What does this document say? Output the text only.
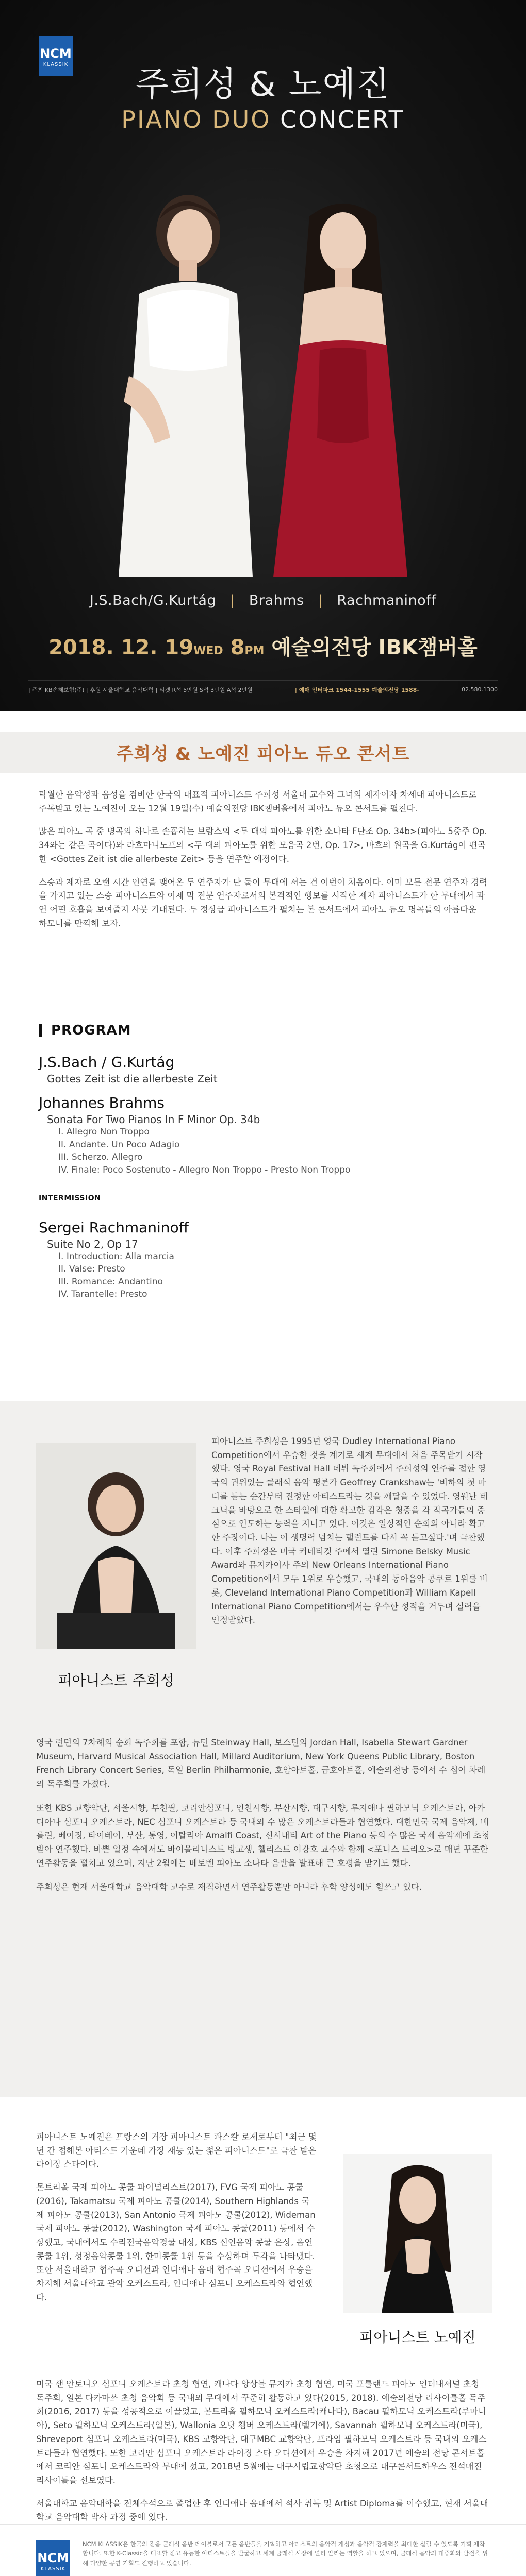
NCM
KLASSIK	주희성 & 노예진
PIANO DUO CONCERT
J.S.Bach/G.Kurtág | Brahms | Rachmaninoff
2018. 12. 19WED 8PM 예술의전당 IBK챔버홀
| 주최 KB손해보험(주) | 후원 서울대학교 음악대학 | 티켓 R석 5만원 S석 3만원 A석 2만원	| 예매 인터파크 1544-1555 예술의전당 1588-	02.580.1300
주희성 & 노예진 피아노 듀오 콘서트

탁월한 음악성과 음성을 겸비한 한국의 대표적 피아니스트 주희성 서울대 교수와 그녀의 제자이자 차세대 피아니스트로 주목받고 있는 노예진이 오는 12월 19일(수) 예술의전당 IBK챔버홀에서 피아노 듀오 콘서트를 펼친다.

많은 피아노 곡 중 명곡의 하나로 손꼽히는 브람스의 <두 대의 피아노를 위한 소나타 F단조 Op. 34b>(피아노 5중주 Op. 34와는 같은 곡이다)와 라흐마니노프의 <두 대의 피아노를 위한 모음곡 2번, Op. 17>, 바흐의 원곡을 G.Kurtág이 편곡한 <Gottes Zeit ist die allerbeste Zeit> 등을 연주할 예정이다.

스승과 제자로 오랜 시간 인연을 맺어온 두 연주자가 단 둘이 무대에 서는 건 이번이 처음이다. 이미 모든 전문 연주자 경력을 가지고 있는 스승 피아니스트와 이제 막 전문 연주자로서의 본격적인 행보를 시작한 제자 피아니스트가 한 무대에서 과연 어떤 호흡을 보여줄지 사뭇 기대된다. 두 정상급 피아니스트가 펼치는 본 콘서트에서 피아노 듀오 명곡들의 아름다운 하모니를 만끽해 보자.

PROGRAM
J.S.Bach / G.Kurtág
Gottes Zeit ist die allerbeste Zeit
Johannes Brahms
Sonata For Two Pianos In F Minor Op. 34b
I. Allegro Non Troppo
II. Andante. Un Poco Adagio
III. Scherzo. Allegro
IV. Finale: Poco Sostenuto - Allegro Non Troppo - Presto Non Troppo
INTERMISSION
Sergei Rachmaninoff
Suite No 2, Op 17
I. Introduction: Alla marcia
II. Valse: Presto
III. Romance: Andantino
IV. Tarantelle: Presto
피아니스트 주희성
피아니스트 주희성은 1995년 영국 Dudley International Piano Competition에서 우승한 것을 계기로 세계 무대에서 처음 주목받기 시작했다. 영국 Royal Festival Hall 데뷔 독주회에서 주희성의 연주를 접한 영국의 권위있는 클래식 음악 평론가 Geoffrey Crankshaw는 '비하의 첫 마디를 듣는 순간부터 진정한 아티스트라는 것을 깨달을 수 있었다. 영원난 테크닉을 바탕으로 한 스타일에 대한 확고한 감각은 청중을 각 작곡가들의 중심으로 인도하는 능력을 지니고 있다. 이것은 일상적인 순회의 아니라 확고한 주장이다. 나는 이 생명력 넘치는 탤런트를 다시 꼭 듣고싶다.'며 극찬했다. 이후 주희성은 미국 커네티컷 주에서 열린 Simone Belsky Music Award와 뮤지카이사 주의 New Orleans International Piano Competition에서 모두 1위로 우승했고, 국내의 동아음악 콩쿠르 1위를 비롯, Cleveland International Piano Competition과 William Kapell International Piano Competition에서는 우수한 성적을 거두며 실력을 인정받았다.

영국 런던의 7차례의 순회 독주회를 포함, 뉴턴 Steinway Hall, 보스턴의 Jordan Hall, Isabella Stewart Gardner Museum, Harvard Musical Association Hall, Millard Auditorium, New York Queens Public Library, Boston French Library Concert Series, 독일 Berlin Philharmonie, 호암아트홀, 금호아트홀, 예술의전당 등에서 수 십여 차례의 독주회를 가졌다.

또한 KBS 교향악단, 서울시향, 부천필, 코리안심포니, 인천시향, 부산시향, 대구시향, 루지애나 필하모닉 오케스트라, 아카디아나 심포니 오케스트라, NEC 심포니 오케스트라 등 국내외 수 많은 오케스트라들과 협연했다. 대한민국 국제 음악제, 베를린, 베이징, 타이베이, 부산, 통영, 이탈리아 Amalfi Coast, 신시내티 Art of the Piano 등의 수 많은 국제 음악제에 초청받아 연주했다. 바쁜 일정 속에서도 바이올리니스트 방고생, 첼리스트 이강호 교수와 함께 <포니스 트리오>로 매년 꾸준한 연주활동을 펼치고 있으며, 지난 2월에는 베토벤 피아노 소나타 음반을 발표해 큰 호평을 받기도 했다.

주희성은 현재 서울대학교 음악대학 교수로 재직하면서 연주활동뿐만 아니라 후학 양성에도 힘쓰고 있다.

피아니스트 노예진은 프랑스의 거장 피아니스트 파스칼 로제로부터 "최근 몇 년 간 접해본 아티스트 가운데 가장 재능 있는 젊은 피아니스트"로 극찬 받은 라이징 스타이다.

몬트리올 국제 피아노 콩쿨 파이널리스트(2017), FVG 국제 피아노 콩쿨(2016), Takamatsu 국제 피아노 콩쿨(2014), Southern Highlands 국제 피아노 콩쿨(2013), San Antonio 국제 피아노 콩쿨(2012), Wideman 국제 피아노 콩쿨(2012), Washington 국제 피아노 콩쿨(2011) 등에서 수상했고, 국내에서도 수리전국음악경쿨 대상, KBS 신인음악 콩쿨 은상, 음연콩쿨 1위, 성정음악콩쿨 1위, 한미콩쿨 1위 등을 수상하며 두각을 나타냈다. 또한 서울대학교 협주곡 오디션과 인디애나 음대 협주곡 오디션에서 우승을 차지해 서울대학교 관악 오케스트라, 인디애나 심포니 오케스트라와 협연했다.

피아니스트 노예진

미국 샌 안토니오 심포니 오케스트라 초청 협연, 캐나다 앙상블 뮤지카 초청 협연, 미국 포틀랜드 피아노 인터내셔널 초청 독주회, 일본 다카마쓰 초청 음악회 등 국내외 무대에서 꾸준히 활동하고 있다(2015, 2018). 예술의전당 리사이틀홀 독주회(2016, 2017) 등을 성공적으로 이끌었고, 몬트리올 필하모닉 오케스트라(캐나다), Bacau 필하모닉 오케스트라(루마니아), Seto 필하모닉 오케스트라(일본), Wallonia 오닷 챔버 오케스트라(벨기에), Savannah 필하모닉 오케스트라(미국), Shreveport 심포니 오케스트라(미국), KBS 교향악단, 대구MBC 교향악단, 프라임 필하모닉 오케스트라 등 국내외 오케스트라들과 협연했다. 또한 코리안 심포니 오케스트라 라이징 스타 오디션에서 우승을 차지해 2017년 예술의 전당 콘서트홀에서 코리안 심포니 오케스트라와 무대에 섰고, 2018년 5월에는 대구시립교향악단 초청으로 대구콘서트하우스 전석매진 리사이틀을 선보였다.

서울대학교 음악대학을 전체수석으로 졸업한 후 인디애나 음대에서 석사 취득 및 Artist Diploma를 이수했고, 현재 서울대학교 음악대학 박사 과정 중에 있다.

NCM
KLASSIK
NCM KLASSIK은 한국의 젊음 클래식 음반 레이블로서 모든 음반들을 기획하고 아티스트의 음악적 개성과 음악적 잠재력을 최대한 살릴 수 있도록 기획 제작합니다. 또한 K-Classic을 대표할 젊고 유능한 아티스트들을 발굴하고 세계 클래식 시장에 널리 알리는 역할을 하고 있으며, 클래식 음악의 대중화와 발전을 위해 다양한 공연 기획도 진행하고 있습니다.
